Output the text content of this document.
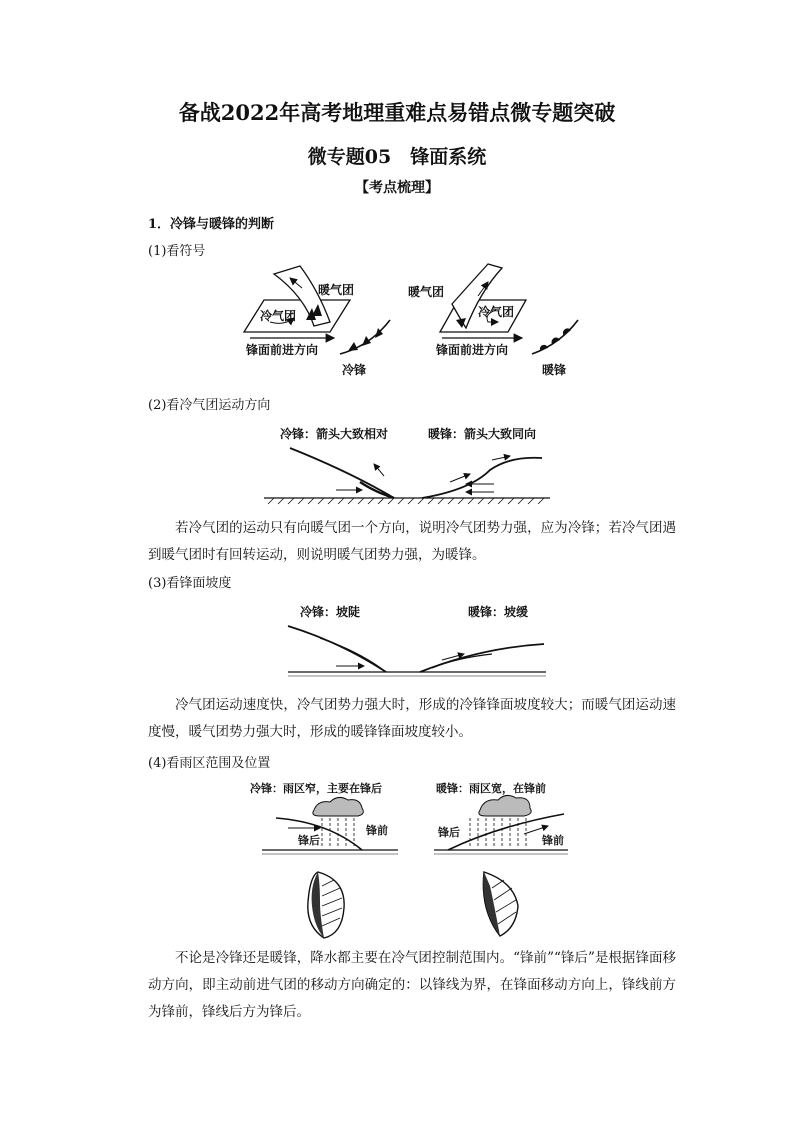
备战2022年高考地理重难点易错点微专题突破
微专题05　锋面系统
【考点梳理】
1．冷锋与暖锋的判断
(1)看符号
暖气团
冷气团
锋面前进方向
冷锋
暖气团
冷气团
锋面前进方向
暖锋
(2)看冷气团运动方向
冷锋：箭头大致相对	暖锋：箭头大致同向
若冷气团的运动只有向暖气团一个方向，说明冷气团势力强，应为冷锋；若冷气团遇到暖气团时有回转运动，则说明暖气团势力强，为暖锋。
(3)看锋面坡度
冷锋：坡陡	暖锋：坡缓
冷气团运动速度快，冷气团势力强大时，形成的冷锋锋面坡度较大；而暖气团运动速度慢，暖气团势力强大时，形成的暖锋锋面坡度较小。
(4)看雨区范围及位置
冷锋：雨区窄，主要在锋后	暖锋：雨区宽，在锋前
锋后
锋前	锋后
锋前
不论是冷锋还是暖锋，降水都主要在冷气团控制范围内。“锋前”“锋后”是根据锋面移动方向，即主动前进气团的移动方向确定的：以锋线为界，在锋面移动方向上，锋线前方为锋前，锋线后方为锋后。
